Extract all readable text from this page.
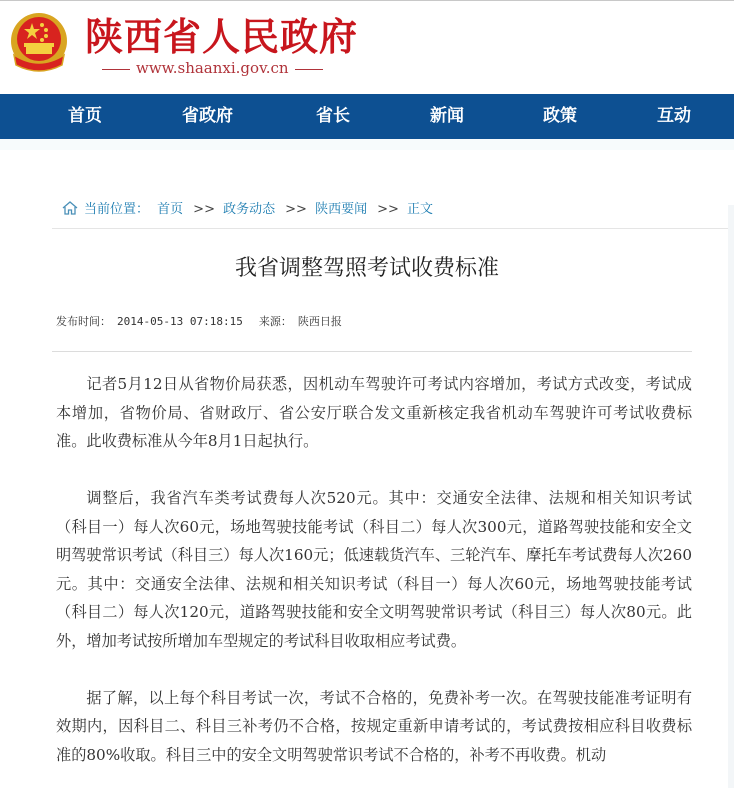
陕西省人民政府
www.shaanxi.gov.cn
首页	省政府	省长	新闻	政策	互动
当前位置： 首页 >> 政务动态 >> 陕西要闻 >> 正文
我省调整驾照考试收费标准
发布时间： 2014-05-13 07:18:15 来源： 陕西日报

记者5月12日从省物价局获悉，因机动车驾驶许可考试内容增加，考试方式改变，考试成本增加，省物价局、省财政厅、省公安厅联合发文重新核定我省机动车驾驶许可考试收费标准。此收费标准从今年8月1日起执行。

调整后，我省汽车类考试费每人次520元。其中：交通安全法律、法规和相关知识考试（科目一）每人次60元，场地驾驶技能考试（科目二）每人次300元，道路驾驶技能和安全文明驾驶常识考试（科目三）每人次160元；低速载货汽车、三轮汽车、摩托车考试费每人次260元。其中：交通安全法律、法规和相关知识考试（科目一）每人次60元，场地驾驶技能考试（科目二）每人次120元，道路驾驶技能和安全文明驾驶常识考试（科目三）每人次80元。此外，增加考试按所增加车型规定的考试科目收取相应考试费。

据了解，以上每个科目考试一次，考试不合格的，免费补考一次。在驾驶技能准考证明有效期内，因科目二、科目三补考仍不合格，按规定重新申请考试的，考试费按相应科目收费标准的80%收取。科目三中的安全文明驾驶常识考试不合格的，补考不再收费。机动
